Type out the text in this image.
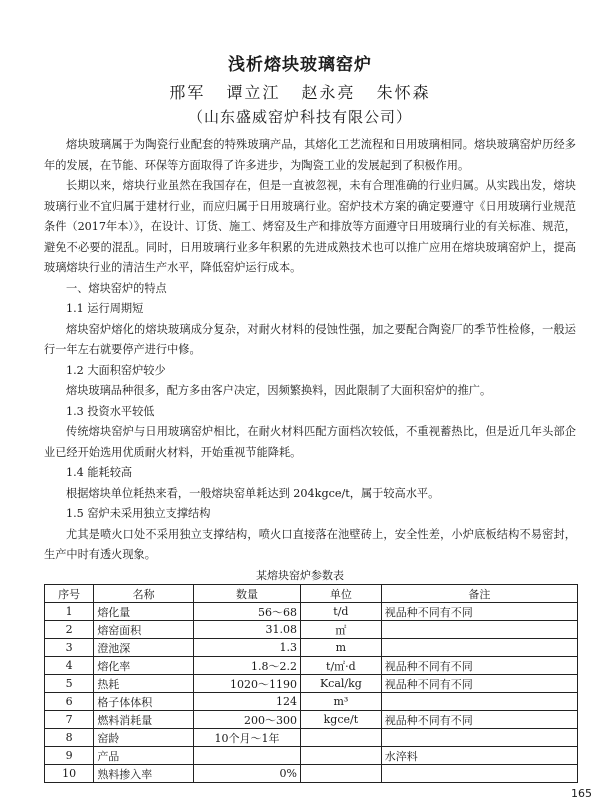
浅析熔块玻璃窑炉
邢军 谭立江 赵永亮 朱怀森
（山东盛威窑炉科技有限公司）

熔块玻璃属于为陶瓷行业配套的特殊玻璃产品，其熔化工艺流程和日用玻璃相同。熔块玻璃窑炉历经多年的发展，在节能、环保等方面取得了许多进步，为陶瓷工业的发展起到了积极作用。

长期以来，熔块行业虽然在我国存在，但是一直被忽视，未有合理准确的行业归属。从实践出发，熔块玻璃行业不宜归属于建材行业，而应归属于日用玻璃行业。窑炉技术方案的确定要遵守《日用玻璃行业规范条件（2017年本）》，在设计、订货、施工、烤窑及生产和排放等方面遵守日用玻璃行业的有关标准、规范，避免不必要的混乱。同时，日用玻璃行业多年积累的先进成熟技术也可以推广应用在熔块玻璃窑炉上，提高玻璃熔块行业的清洁生产水平，降低窑炉运行成本。

一、熔块窑炉的特点
1.1 运行周期短

熔块窑炉熔化的熔块玻璃成分复杂，对耐火材料的侵蚀性强，加之要配合陶瓷厂的季节性检修，一般运行一年左右就要停产进行中修。

1.2 大面积窑炉较少

熔块玻璃品种很多，配方多由客户决定，因频繁换料，因此限制了大面积窑炉的推广。

1.3 投资水平较低

传统熔块窑炉与日用玻璃窑炉相比，在耐火材料匹配方面档次较低，不重视蓄热比，但是近几年头部企业已经开始选用优质耐火材料，开始重视节能降耗。

1.4 能耗较高

根据熔块单位耗热来看，一般熔块窑单耗达到 204kgce/t，属于较高水平。

1.5 窑炉未采用独立支撑结构

尤其是喷火口处不采用独立支撑结构，喷火口直接落在池壁砖上，安全性差，小炉底板结构不易密封，生产中时有透火现象。

某熔块窑炉参数表
序号	名称	数量	单位	备注
1	熔化量	56～68	t/d	视品种不同有不同
2	熔窑面积	31.08	㎡	
3	澄池深	1.3	m	
4	熔化率	1.8～2.2	t/㎡·d	视品种不同有不同
5	热耗	1020～1190	Kcal/kg	视品种不同有不同
6	格子体体积	124	m³	
7	燃料消耗量	200～300	kgce/t	视品种不同有不同
8	窑龄	10个月～1年		
9	产品			水淬料
10	熟料掺入率	0%		
165
